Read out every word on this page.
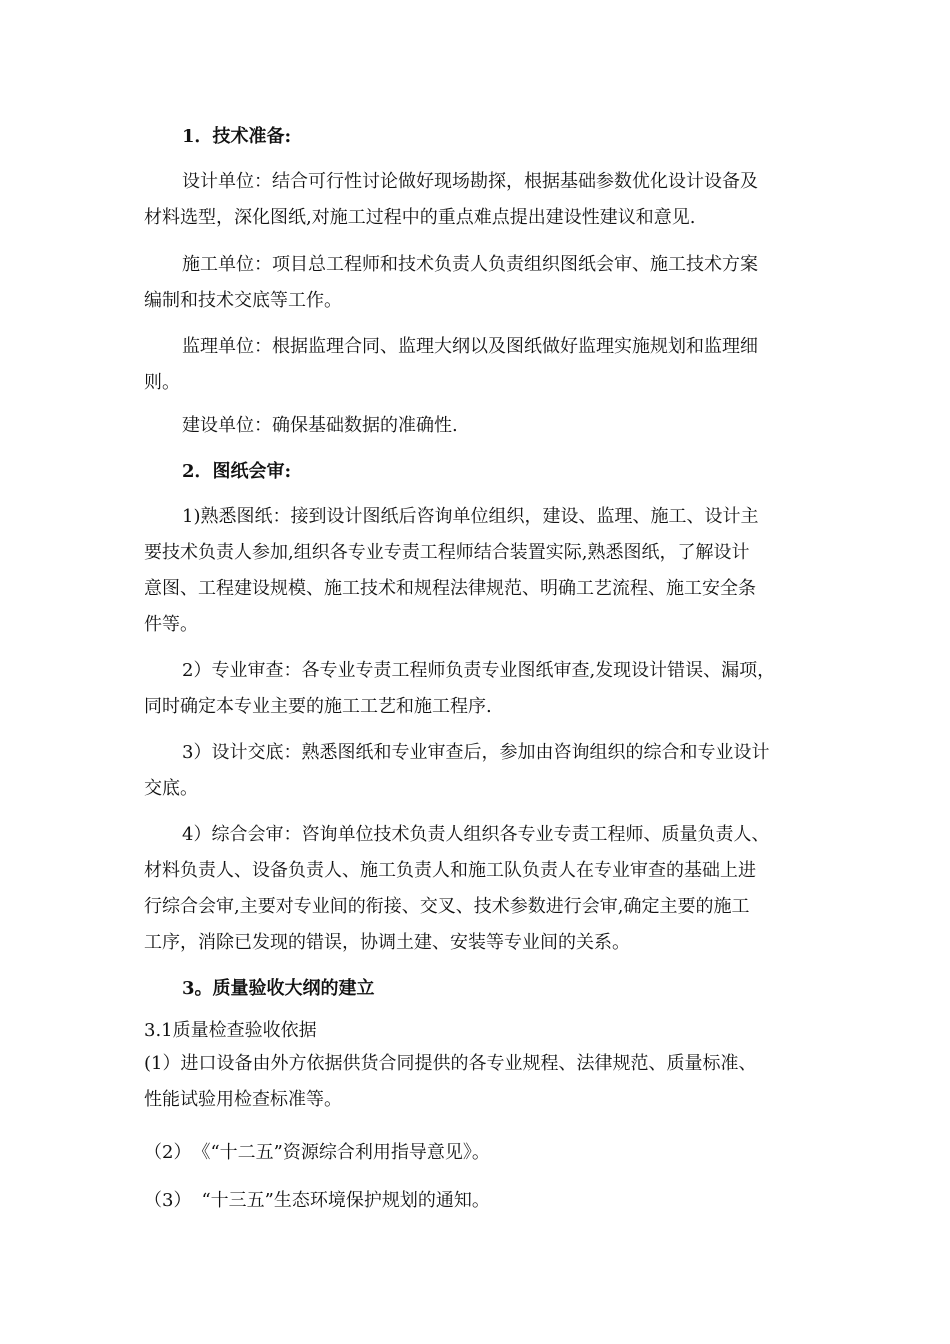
1．技术准备:
设计单位：结合可行性讨论做好现场勘探，根据基础参数优化设计设备及
材料选型，深化图纸,对施工过程中的重点难点提出建设性建议和意见.
施工单位：项目总工程师和技术负责人负责组织图纸会审、施工技术方案
编制和技术交底等工作。
监理单位：根据监理合同、监理大纲以及图纸做好监理实施规划和监理细
则。
建设单位：确保基础数据的准确性.
2．图纸会审:
1)熟悉图纸：接到设计图纸后咨询单位组织，建设、监理、施工、设计主
要技术负责人参加,组织各专业专责工程师结合装置实际,熟悉图纸，了解设计
意图、工程建设规模、施工技术和规程法律规范、明确工艺流程、施工安全条
件等。
2）专业审查：各专业专责工程师负责专业图纸审查,发现设计错误、漏项，
同时确定本专业主要的施工工艺和施工程序.
3）设计交底：熟悉图纸和专业审查后，参加由咨询组织的综合和专业设计
交底。
4）综合会审：咨询单位技术负责人组织各专业专责工程师、质量负责人、
材料负责人、设备负责人、施工负责人和施工队负责人在专业审查的基础上进
行综合会审,主要对专业间的衔接、交叉、技术参数进行会审,确定主要的施工
工序，消除已发现的错误，协调土建、安装等专业间的关系。
3。质量验收大纲的建立
3.1质量检查验收依据
(1）进口设备由外方依据供货合同提供的各专业规程、法律规范、质量标准、
性能试验用检查标准等。
（2） 《“十二五”资源综合利用指导意见》。
（3） “十三五”生态环境保护规划的通知。
